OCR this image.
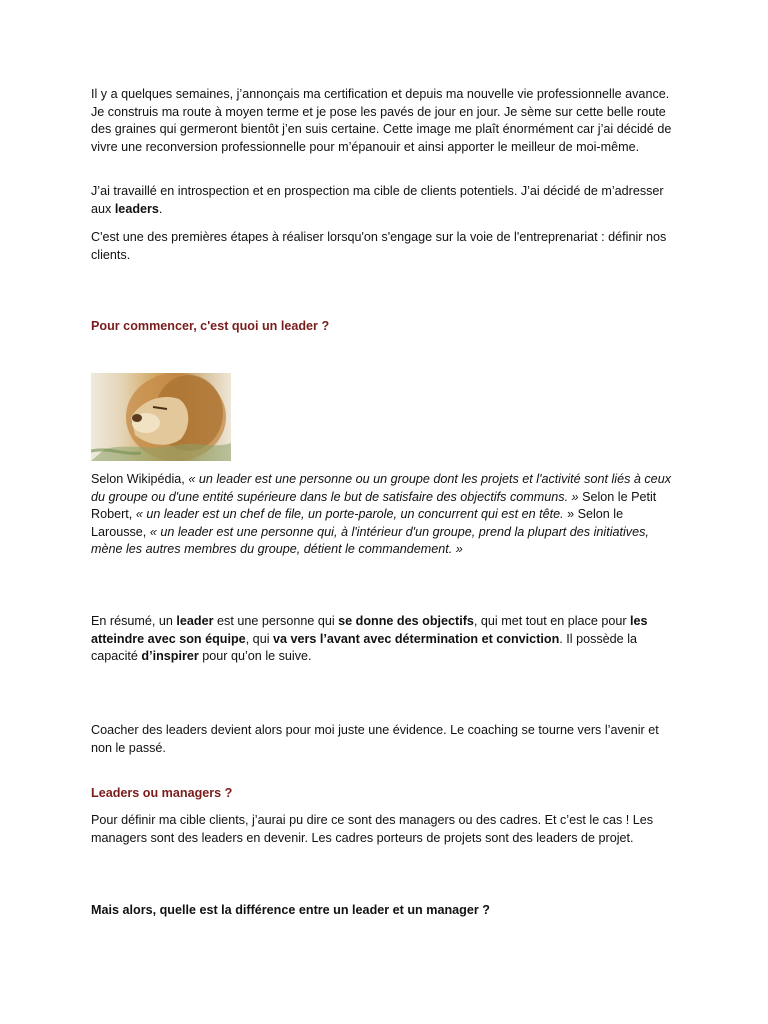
Il y a quelques semaines, j’annonçais ma certification et depuis ma nouvelle vie professionnelle avance. Je construis ma route à moyen terme et je pose les pavés de jour en jour. Je sème sur cette belle route des graines qui germeront bientôt j’en suis certaine. Cette image me plaît énormément car j’ai décidé de vivre une reconversion professionnelle pour m’épanouir et ainsi apporter le meilleur de moi-même.

J’ai travaillé en introspection et en prospection ma cible de clients potentiels. J’ai décidé de m’adresser aux leaders.

C'est une des premières étapes à réaliser lorsqu'on s'engage sur la voie de l'entreprenariat : définir nos clients.

Pour commencer, c'est quoi un leader ?

Selon Wikipédia, « un leader est une personne ou un groupe dont les projets et l'activité sont liés à ceux du groupe ou d'une entité supérieure dans le but de satisfaire des objectifs communs. » Selon le Petit Robert, « un leader est un chef de file, un porte-parole, un concurrent qui est en tête. » Selon le Larousse, « un leader est une personne qui, à l'intérieur d'un groupe, prend la plupart des initiatives, mène les autres membres du groupe, détient le commandement. »

En résumé, un leader est une personne qui se donne des objectifs, qui met tout en place pour les atteindre avec son équipe, qui va vers l’avant avec détermination et conviction. Il possède la capacité d’inspirer pour qu’on le suive.

Coacher des leaders devient alors pour moi juste une évidence. Le coaching se tourne vers l’avenir et non le passé.

Leaders ou managers ?

Pour définir ma cible clients, j’aurai pu dire ce sont des managers ou des cadres. Et c’est le cas ! Les managers sont des leaders en devenir. Les cadres porteurs de projets sont des leaders de projet.

Mais alors, quelle est la différence entre un leader et un manager ?
